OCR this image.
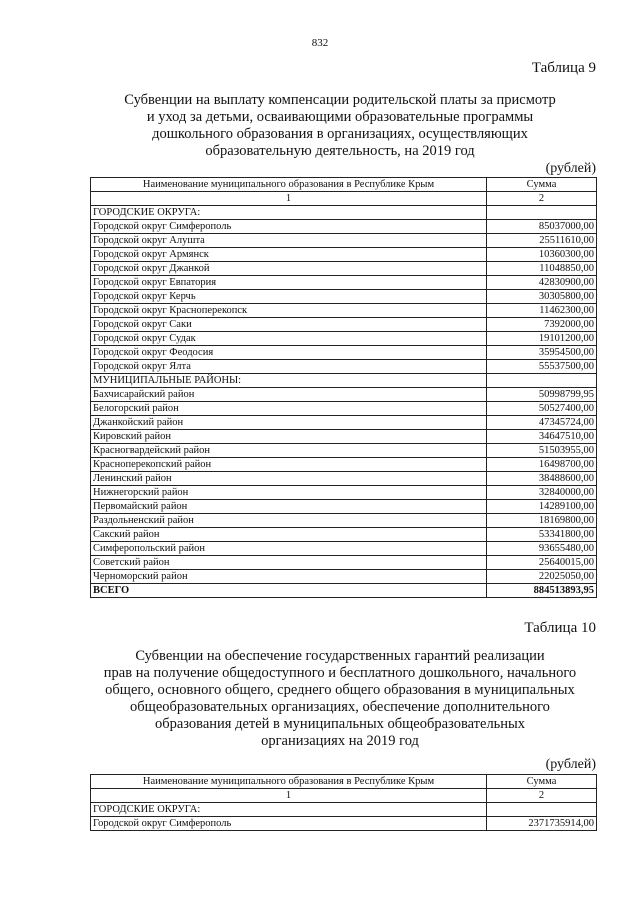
832
Таблица 9
Субвенции на выплату компенсации родительской платы за присмотр
и уход за детьми, осваивающими образовательные программы
дошкольного образования в организациях, осуществляющих
образовательную деятельность, на 2019 год
(рублей)
Наименование муниципального образования в Республике Крым	Сумма
1	2
ГОРОДСКИЕ ОКРУГА:	
Городской округ Симферополь	85037000,00
Городской округ Алушта	25511610,00
Городской округ Армянск	10360300,00
Городской округ Джанкой	11048850,00
Городской округ Евпатория	42830900,00
Городской округ Керчь	30305800,00
Городской округ Красноперекопск	11462300,00
Городской округ Саки	7392000,00
Городской округ Судак	19101200,00
Городской округ Феодосия	35954500,00
Городской округ Ялта	55537500,00
МУНИЦИПАЛЬНЫЕ РАЙОНЫ:	
Бахчисарайский район	50998799,95
Белогорский район	50527400,00
Джанкойский район	47345724,00
Кировский район	34647510,00
Красногвардейский район	51503955,00
Красноперекопский район	16498700,00
Ленинский район	38488600,00
Нижнегорский район	32840000,00
Первомайский район	14289100,00
Раздольненский район	18169800,00
Сакский район	53341800,00
Симферопольский район	93655480,00
Советский район	25640015,00
Черноморский район	22025050,00
ВСЕГО	884513893,95
Таблица 10
Субвенции на обеспечение государственных гарантий реализации
прав на получение общедоступного и бесплатного дошкольного, начального
общего, основного общего, среднего общего образования в муниципальных
общеобразовательных организациях, обеспечение дополнительного
образования детей в муниципальных общеобразовательных
организациях на 2019 год
(рублей)
Наименование муниципального образования в Республике Крым	Сумма
1	2
ГОРОДСКИЕ ОКРУГА:	
Городской округ Симферополь	2371735914,00
